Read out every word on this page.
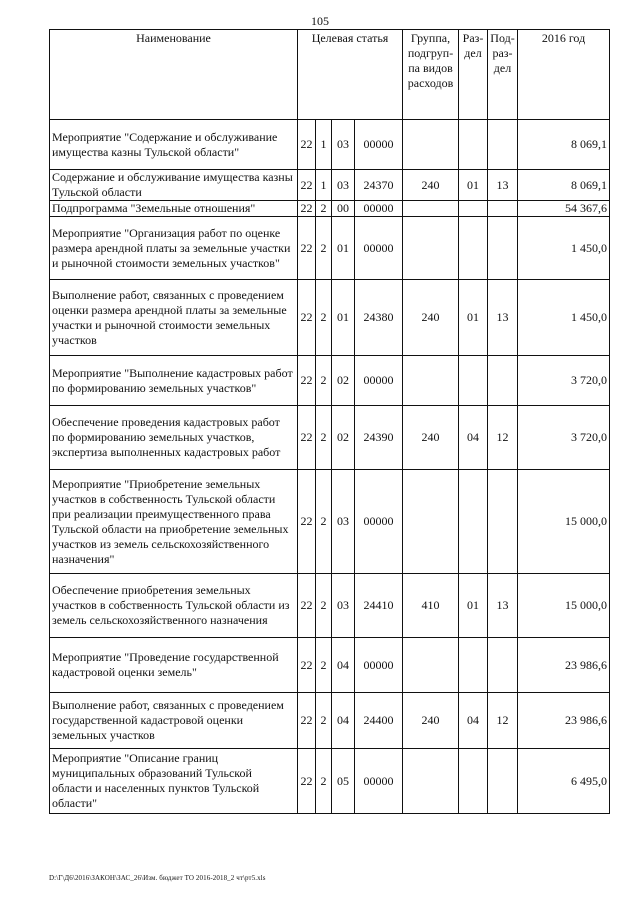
105
Наименование	Целевая статья				Группа, подгруп-па видов расходов	Раз-дел	Под-раз-дел	2016 год
Мероприятие "Содержание и обслуживание имущества казны Тульской области"	22	1	03	00000				8 069,1
Содержание и обслуживание имущества казны Тульской области	22	1	03	24370	240	01	13	8 069,1
Подпрограмма "Земельные отношения"	22	2	00	00000				54 367,6
Мероприятие "Организация работ по оценке размера арендной платы за земельные участки и рыночной стоимости земельных участков"	22	2	01	00000				1 450,0
Выполнение работ, связанных с проведением оценки размера арендной платы за земельные участки и рыночной стоимости земельных участков	22	2	01	24380	240	01	13	1 450,0
Мероприятие "Выполнение кадастровых работ по формированию земельных участков"	22	2	02	00000				3 720,0
Обеспечение проведения кадастровых работ по формированию земельных участков, экспертиза выполненных кадастровых работ	22	2	02	24390	240	04	12	3 720,0
Мероприятие "Приобретение земельных участков в собственность Тульской области при реализации преимущественного права Тульской области на приобретение земельных участков из земель сельскохозяйственного назначения"	22	2	03	00000				15 000,0
Обеспечение приобретения земельных участков в собственность Тульской области из земель сельскохозяйственного назначения	22	2	03	24410	410	01	13	15 000,0
Мероприятие "Проведение государственной кадастровой оценки земель"	22	2	04	00000				23 986,6
Выполнение работ, связанных с проведением государственной кадастровой оценки земельных участков	22	2	04	24400	240	04	12	23 986,6
Мероприятие "Описание границ муниципальных образований Тульской области и населенных пунктов Тульской области"	22	2	05	00000				6 495,0
D:\Г\Д6\2016\ЗАКОН\ЗАС_26\Изм. бюджет ТО 2016-2018_2 чт\рт5.xls
